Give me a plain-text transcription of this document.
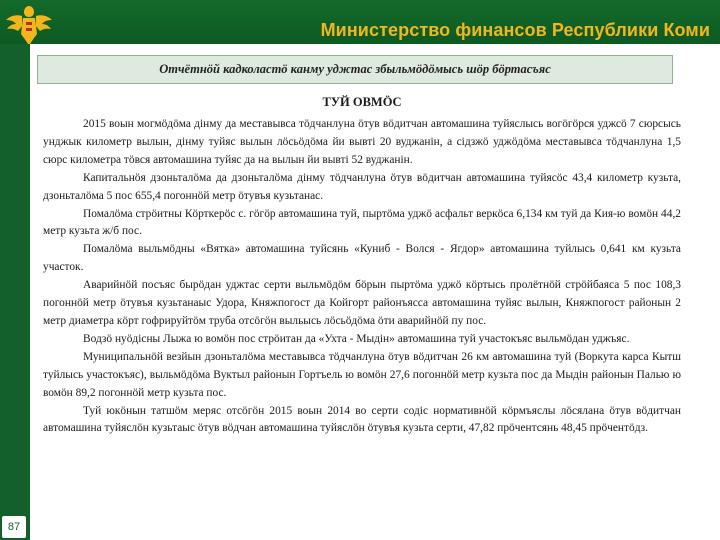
Министерство финансов Республики Коми
87
Отчётнöй кадколастö канму уджтас збыльмöдöмысь шöр бöртасъяс
ТУЙ ОВМÖС

2015 воын могмöдöма дiнму да меставывса тöдчанлуна öтув вöдитчан автомашина туйяслысь вогöгöрся уджсö 7 сюрсысь унджык километр вылын, дiнму туйяс вылын лöсьöдöма йи вывтi 20 вуджанiн, а сiдзжö уджöдöма меставывса тöдчанлуна 1,5 сюрс километра тöвся автомашина туйяс да на вылын йи вывтi 52 вуджанiн.

Капитальнöя дзоньталöма да дзоньталöма дiнму тöдчанлуна öтув вöдитчан автомашина туйясöс 43,4 километр кузьта, дзоньталöма 5 пос 655,4 погоннöй метр öтувъя кузьтанас.

Помалöма стрöитны Кöрткерöс с. гöгöр автомашина туй, пыртöма уджö асфальт веркöса 6,134 км туй да Кия-ю вомöн 44,2 метр кузьта ж/б пос.

Помалöма выльмöдны «Вятка» автомашина туйсянь «Куниб - Волся - Ягдор» автомашина туйлысь 0,641 км кузьта участок.

Аварийнöй посъяс бырöдан уджтас серти выльмöдöм бöрын пыртöма уджö кöртысь пролётнöй стрöйбаяса 5 пос 108,3 погоннöй метр öтувъя кузьтанаыс Удора, Княжпогост да Койгорт районъясса автомашина туйяс вылын, Княжпогост районын 2 метр диаметра кöрт гофрируйтöм труба отсöгöн выльысь лöсьöдöма öти аварийнöй пу пос.

Водзö нуöдiсны Лыжа ю вомöн пос стрöитан да «Ухта - Мыдiн» автомашина туй участокъяс выльмöдан уджъяс.

Муниципальнöй везйын дзоньталöма меставывса тöдчанлуна öтув вöдитчан 26 км автомашина туй (Воркута карса Кытш туйлысь участокъяс), выльмöдöма Вуктыл районын Гоpтъель ю вомöн 27,6 погоннöй метр кузьта пос да Мыдiн районын Палью ю вомöн 89,2 погоннöй метр кузьта пос.

Туй юкöнын татшöм меряс отсöгöн 2015 воын 2014 во серти содiс нормативнöй кöрмъяслы лöсялана öтув вöдитчан автомашина туйяслöн кузьтаыс öтув вöдчан автомашина туйяслöн öтувъя кузьта серти, 47,82 прöчентсянь 48,45 прöчентöдз.
